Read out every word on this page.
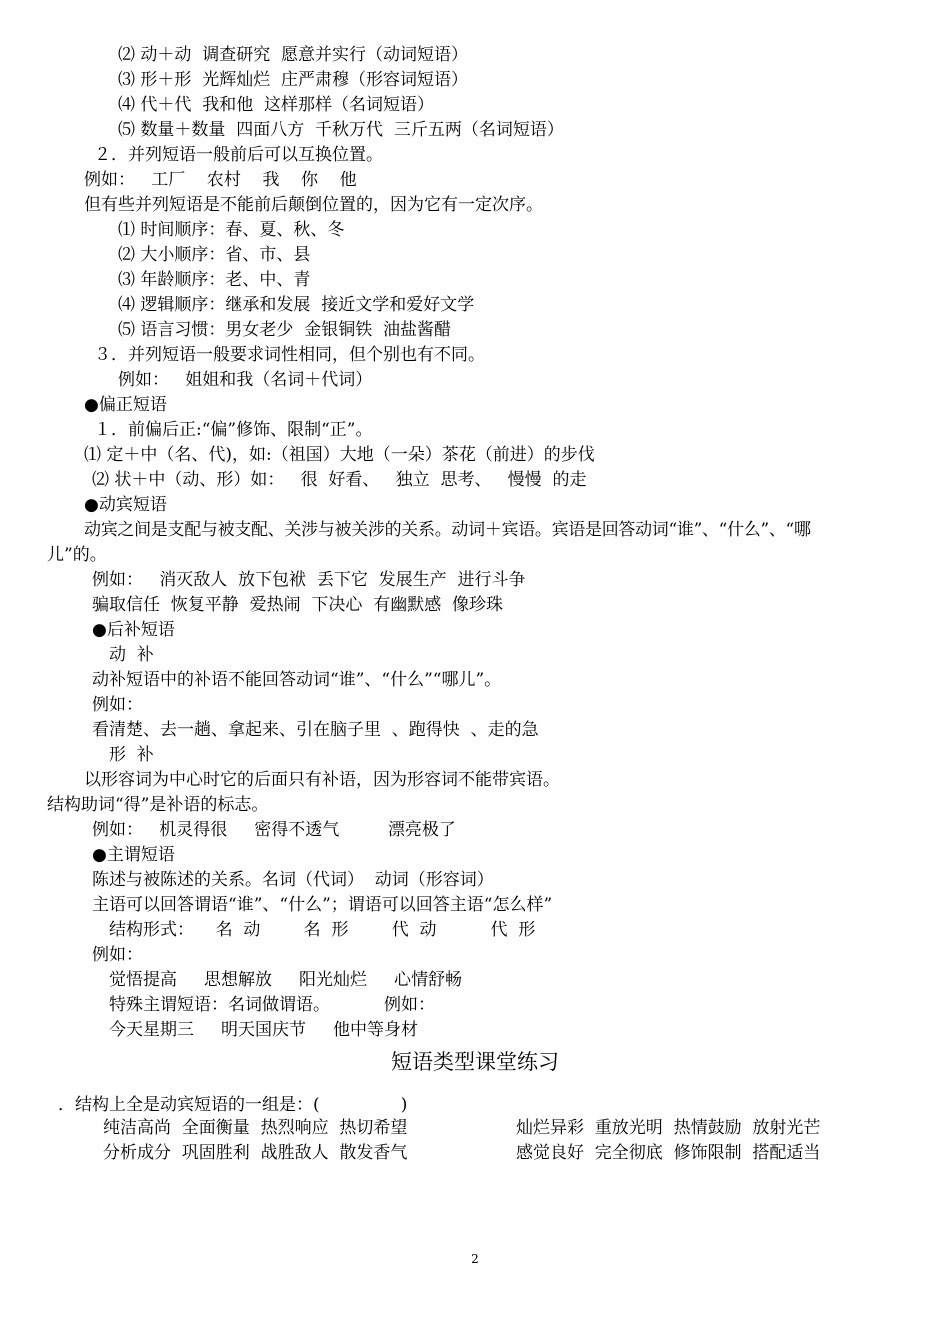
⑵ 动＋动  调查研究  愿意并实行（动词短语）
⑶ 形＋形  光辉灿烂  庄严肃穆（形容词短语）
⑷ 代＋代  我和他  这样那样（名词短语）
⑸ 数量＋数量  四面八方  千秋万代  三斤五两（名词短语）
２．并列短语一般前后可以互换位置。
例如：   工厂    农村    我    你    他
但有些并列短语是不能前后颠倒位置的，因为它有一定次序。
⑴ 时间顺序：春、夏、秋、冬
⑵ 大小顺序：省、市、县
⑶ 年龄顺序：老、中、青
⑷ 逻辑顺序：继承和发展  接近文学和爱好文学
⑸ 语言习惯：男女老少  金银铜铁  油盐酱醋
３．并列短语一般要求词性相同，但个别也有不同。
例如：   姐姐和我（名词＋代词）
●偏正短语
１．前偏后正:“偏”修饰、限制“正”。
⑴ 定＋中（名、代)，如:（祖国）大地（一朵）茶花（前进）的步伐
⑵ 状＋中（动、形）如：   很  好看、   独立  思考、   慢慢  的走
●动宾短语
动宾之间是支配与被支配、关涉与被关涉的关系。动词＋宾语。宾语是回答动词“谁”、“什么”、“哪
儿”的。
例如：   消灭敌人  放下包袱  丢下它  发展生产  进行斗争
骗取信任  恢复平静  爱热闹  下决心  有幽默感  像珍珠
●后补短语
动  补
动补短语中的补语不能回答动词“谁”、“什么”“哪儿”。
例如：
看清楚、去一趟、拿起来、引在脑子里  、跑得快  、走的急
形  补
以形容词为中心时它的后面只有补语，因为形容词不能带宾语。
结构助词“得”是补语的标志。
例如：   机灵得很     密得不透气         漂亮极了
●主谓短语
陈述与被陈述的关系。名词（代词）  动词（形容词）
主语可以回答谓语“谁”、“什么”；谓语可以回答主语“怎么样”
结构形式：    名  动        名  形        代  动          代  形
例如：
觉悟提高     思想解放     阳光灿烂     心情舒畅
特殊主谓短语：名词做谓语。          例如：
今天星期三     明天国庆节     他中等身材
短语类型课堂练习
．结构上全是动宾短语的一组是：(               )
纯洁高尚  全面衡量  热烈响应  热切希望
分析成分  巩固胜利  战胜敌人  散发香气
灿烂异彩  重放光明  热情鼓励  放射光芒
感觉良好  完全彻底  修饰限制  搭配适当
2
